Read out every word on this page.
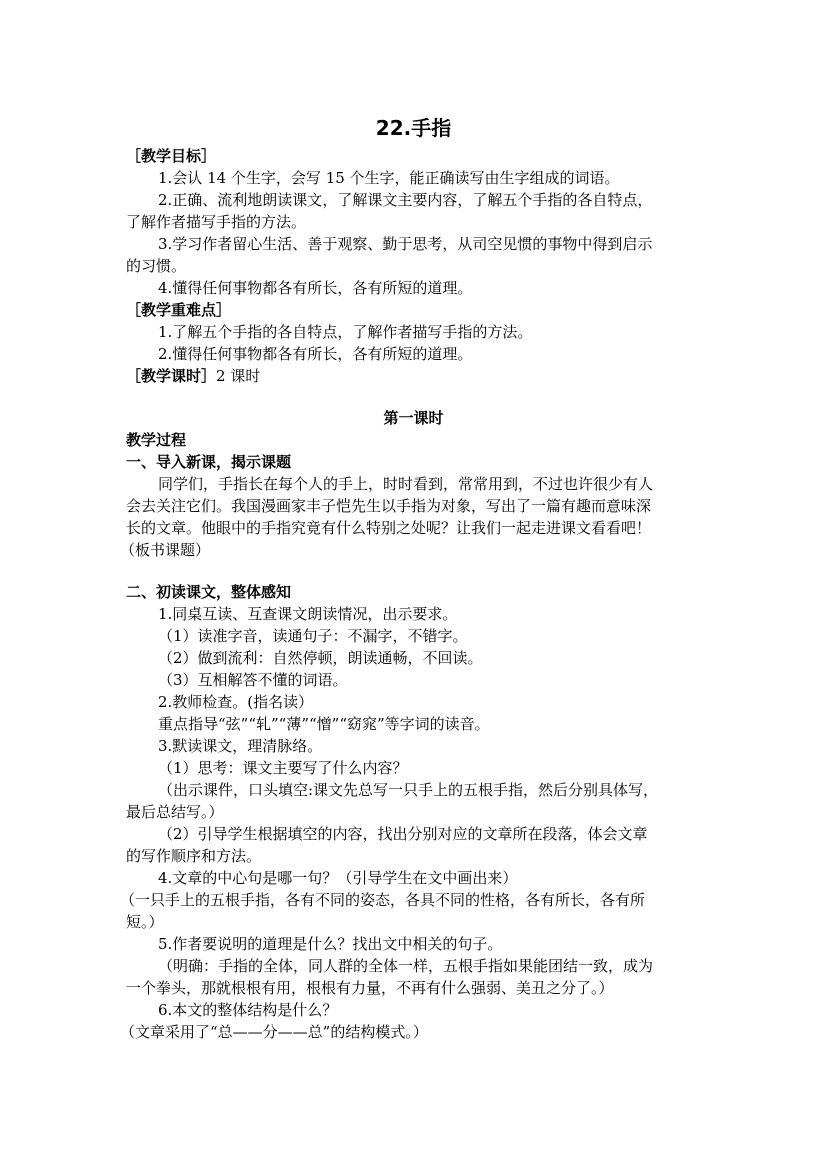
22.手指
［教学目标］
1.会认 14 个生字，会写 15 个生字，能正确读写由生字组成的词语。
2.正确、流利地朗读课文，了解课文主要内容，了解五个手指的各自特点，
了解作者描写手指的方法。
3.学习作者留心生活、善于观察、勤于思考，从司空见惯的事物中得到启示
的习惯。
4.懂得任何事物都各有所长，各有所短的道理。
［教学重难点］
1.了解五个手指的各自特点，了解作者描写手指的方法。
2.懂得任何事物都各有所长，各有所短的道理。
［教学课时］2 课时
第一课时
教学过程
一、导入新课，揭示课题
同学们，手指长在每个人的手上，时时看到，常常用到，不过也许很少有人
会去关注它们。我国漫画家丰子恺先生以手指为对象，写出了一篇有趣而意味深
长的文章。他眼中的手指究竟有什么特别之处呢？让我们一起走进课文看看吧！
（板书课题）
二、初读课文，整体感知
1.同桌互读、互查课文朗读情况，出示要求。
（1）读准字音，读通句子：不漏字，不错字。
（2）做到流利：自然停顿，朗读通畅，不回读。
（3）互相解答不懂的词语。
2.教师检查。(指名读）
重点指导“弦”“轧”“薄”“憎”“窈窕”等字词的读音。
3.默读课文，理清脉络。
（1）思考：课文主要写了什么内容？
（出示课件，口头填空:课文先总写一只手上的五根手指，然后分别具体写，
最后总结写。）
（2）引导学生根据填空的内容，找出分别对应的文章所在段落，体会文章
的写作顺序和方法。
4.文章的中心句是哪一句？（引导学生在文中画出来）
（一只手上的五根手指，各有不同的姿态，各具不同的性格，各有所长，各有所
短。）
5.作者要说明的道理是什么？找出文中相关的句子。
（明确：手指的全体，同人群的全体一样，五根手指如果能团结一致，成为
一个拳头，那就根根有用，根根有力量，不再有什么强弱、美丑之分了。）
6.本文的整体结构是什么？
（文章采用了“总——分——总”的结构模式。）
